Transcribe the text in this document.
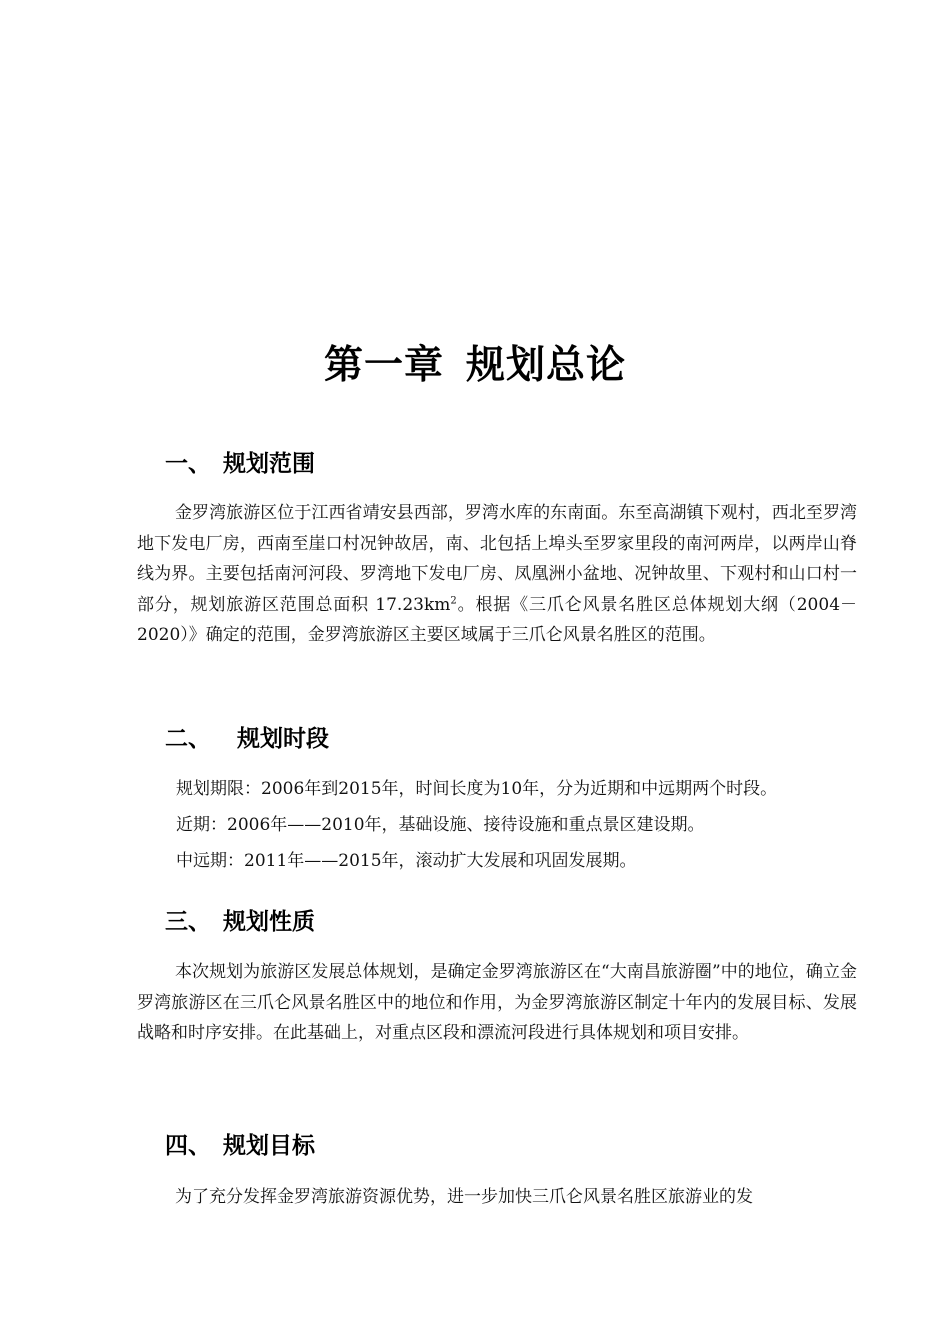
第一章 规划总论
一、 规划范围

金罗湾旅游区位于江西省靖安县西部，罗湾水库的东南面。东至高湖镇下观村，西北至罗湾地下发电厂房，西南至崖口村况钟故居，南、北包括上埠头至罗家里段的南河两岸，以两岸山脊线为界。主要包括南河河段、罗湾地下发电厂房、凤凰洲小盆地、况钟故里、下观村和山口村一部分，规划旅游区范围总面积 $17.23km^2$。根据《三爪仑风景名胜区总体规划大纲（2004－2020）》确定的范围，金罗湾旅游区主要区域属于三爪仑风景名胜区的范围。

二、 规划时段

规划期限：2006年到2015年，时间长度为10年，分为近期和中远期两个时段。

近期：2006年——2010年，基础设施、接待设施和重点景区建设期。

中远期：2011年——2015年，滚动扩大发展和巩固发展期。

三、 规划性质

本次规划为旅游区发展总体规划，是确定金罗湾旅游区在“大南昌旅游圈”中的地位，确立金罗湾旅游区在三爪仑风景名胜区中的地位和作用，为金罗湾旅游区制定十年内的发展目标、发展战略和时序安排。在此基础上，对重点区段和漂流河段进行具体规划和项目安排。

四、 规划目标

为了充分发挥金罗湾旅游资源优势，进一步加快三爪仑风景名胜区旅游业的发
